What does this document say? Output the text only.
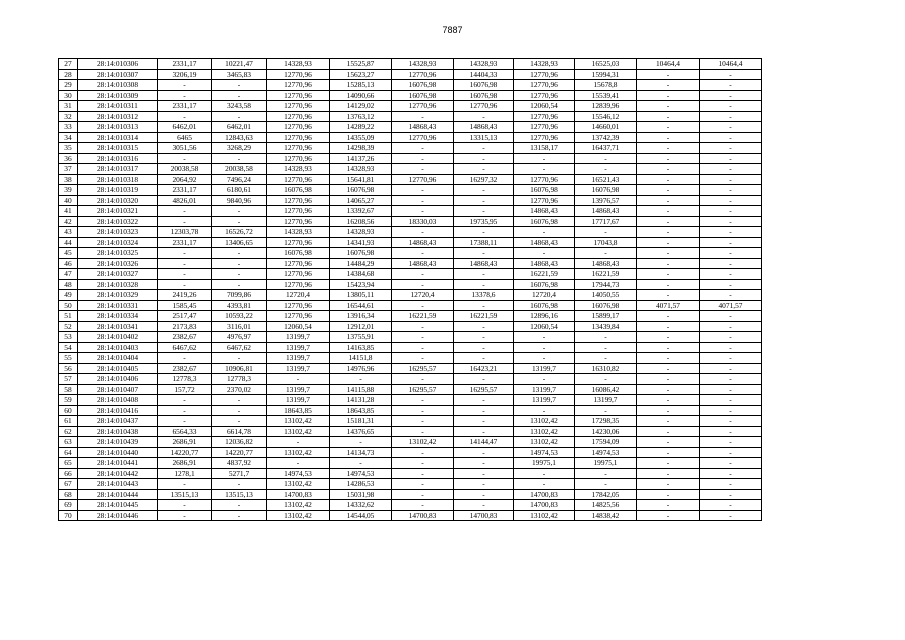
7887
27	28:14:010306	2331,17	10221,47	14328,93	15525,87	14328,93	14328,93	14328,93	16525,03	10464,4	10464,4
28	28:14:010307	3206,19	3465,83	12770,96	15623,27	12770,96	14404,33	12770,96	15994,31	-	-
29	28:14:010308	-	-	12770,96	15285,13	16076,98	16076,98	12770,96	15678,8	-	-
30	28:14:010309	-	-	12770,96	14090,66	16076,98	16076,98	12770,96	15539,41	-	-
31	28:14:010311	2331,17	3243,58	12770,96	14129,02	12770,96	12770,96	12060,54	12839,96	-	-
32	28:14:010312	-	-	12770,96	13763,12	-	-	12770,96	15546,12	-	-
33	28:14:010313	6462,01	6462,01	12770,96	14289,22	14868,43	14868,43	12770,96	14660,01	-	-
34	28:14:010314	6465	12843,63	12770,96	14355,09	12770,96	13315,13	12770,96	13742,39	-	-
35	28:14:010315	3051,56	3268,29	12770,96	14298,39	-	-	13158,17	16437,71	-	-
36	28:14:010316	-	-	12770,96	14137,26	-	-	-	-	-	-
37	28:14:010317	20038,58	20038,58	14328,93	14328,93	-	-	-	-	-	-
38	28:14:010318	2064,92	7496,24	12770,96	15641,81	12770,96	16297,32	12770,96	16521,43	-	-
39	28:14:010319	2331,17	6180,61	16076,98	16076,98	-	-	16076,98	16076,98	-	-
40	28:14:010320	4826,01	9840,96	12770,96	14065,27	-	-	12770,96	13976,57	-	-
41	28:14:010321	-	-	12770,96	13392,67	-	-	14868,43	14868,43	-	-
42	28:14:010322	-	-	12770,96	16208,56	18330,03	19735,95	16076,98	17717,67	-	-
43	28:14:010323	12303,78	16526,72	14328,93	14328,93	-	-	-	-	-	-
44	28:14:010324	2331,17	13406,65	12770,96	14341,93	14868,43	17388,11	14868,43	17043,8	-	-
45	28:14:010325	-	-	16076,98	16076,98	-	-	-	-	-	-
46	28:14:010326	-	-	12770,96	14484,29	14868,43	14868,43	14868,43	14868,43	-	-
47	28:14:010327	-	-	12770,96	14384,68	-	-	16221,59	16221,59	-	-
48	28:14:010328	-	-	12770,96	15423,94	-	-	16076,98	17944,73	-	-
49	28:14:010329	2419,26	7099,86	12720,4	13805,11	12720,4	13378,6	12720,4	14050,55	-	-
50	28:14:010331	1585,45	4393,81	12770,96	16544,61	-	-	16076,98	16076,98	4071,57	4071,57
51	28:14:010334	2517,47	10593,22	12770,96	13916,34	16221,59	16221,59	12896,16	15899,17	-	-
52	28:14:010341	2173,83	3116,01	12060,54	12912,01	-	-	12060,54	13439,84	-	-
53	28:14:010402	2382,67	4976,97	13199,7	13755,91	-	-	-	-	-	-
54	28:14:010403	6467,62	6467,62	13199,7	14163,85	-	-	-	-	-	-
55	28:14:010404	-	-	13199,7	14151,8	-	-	-	-	-	-
56	28:14:010405	2382,67	10906,81	13199,7	14976,96	16295,57	16423,21	13199,7	16310,82	-	-
57	28:14:010406	12778,3	12778,3	-	-	-	-	-	-	-	-
58	28:14:010407	157,72	2370,02	13199,7	14115,88	16295,57	16295,57	13199,7	16086,42	-	-
59	28:14:010408	-	-	13199,7	14131,28	-	-	13199,7	13199,7	-	-
60	28:14:010416	-	-	18643,85	18643,85	-	-	-	-	-	-
61	28:14:010437	-	-	13102,42	15181,31	-	-	13102,42	17298,35	-	-
62	28:14:010438	6564,33	6614,78	13102,42	14376,65	-	-	13102,42	14230,06	-	-
63	28:14:010439	2686,91	12036,82	-	-	13102,42	14144,47	13102,42	17594,09	-	-
64	28:14:010440	14220,77	14220,77	13102,42	14134,73	-	-	14974,53	14974,53	-	-
65	28:14:010441	2686,91	4837,92	-	-	-	-	19975,1	19975,1	-	-
66	28:14:010442	1278,1	5271,7	14974,53	14974,53	-	-	-	-	-	-
67	28:14:010443	-	-	13102,42	14286,53	-	-	-	-	-	-
68	28:14:010444	13515,13	13515,13	14700,83	15031,98	-	-	14700,83	17842,05	-	-
69	28:14:010445	-	-	13102,42	14332,62	-	-	14700,83	14825,56	-	-
70	28:14:010446	-	-	13102,42	14544,05	14700,83	14700,83	13102,42	14838,42	-	-
